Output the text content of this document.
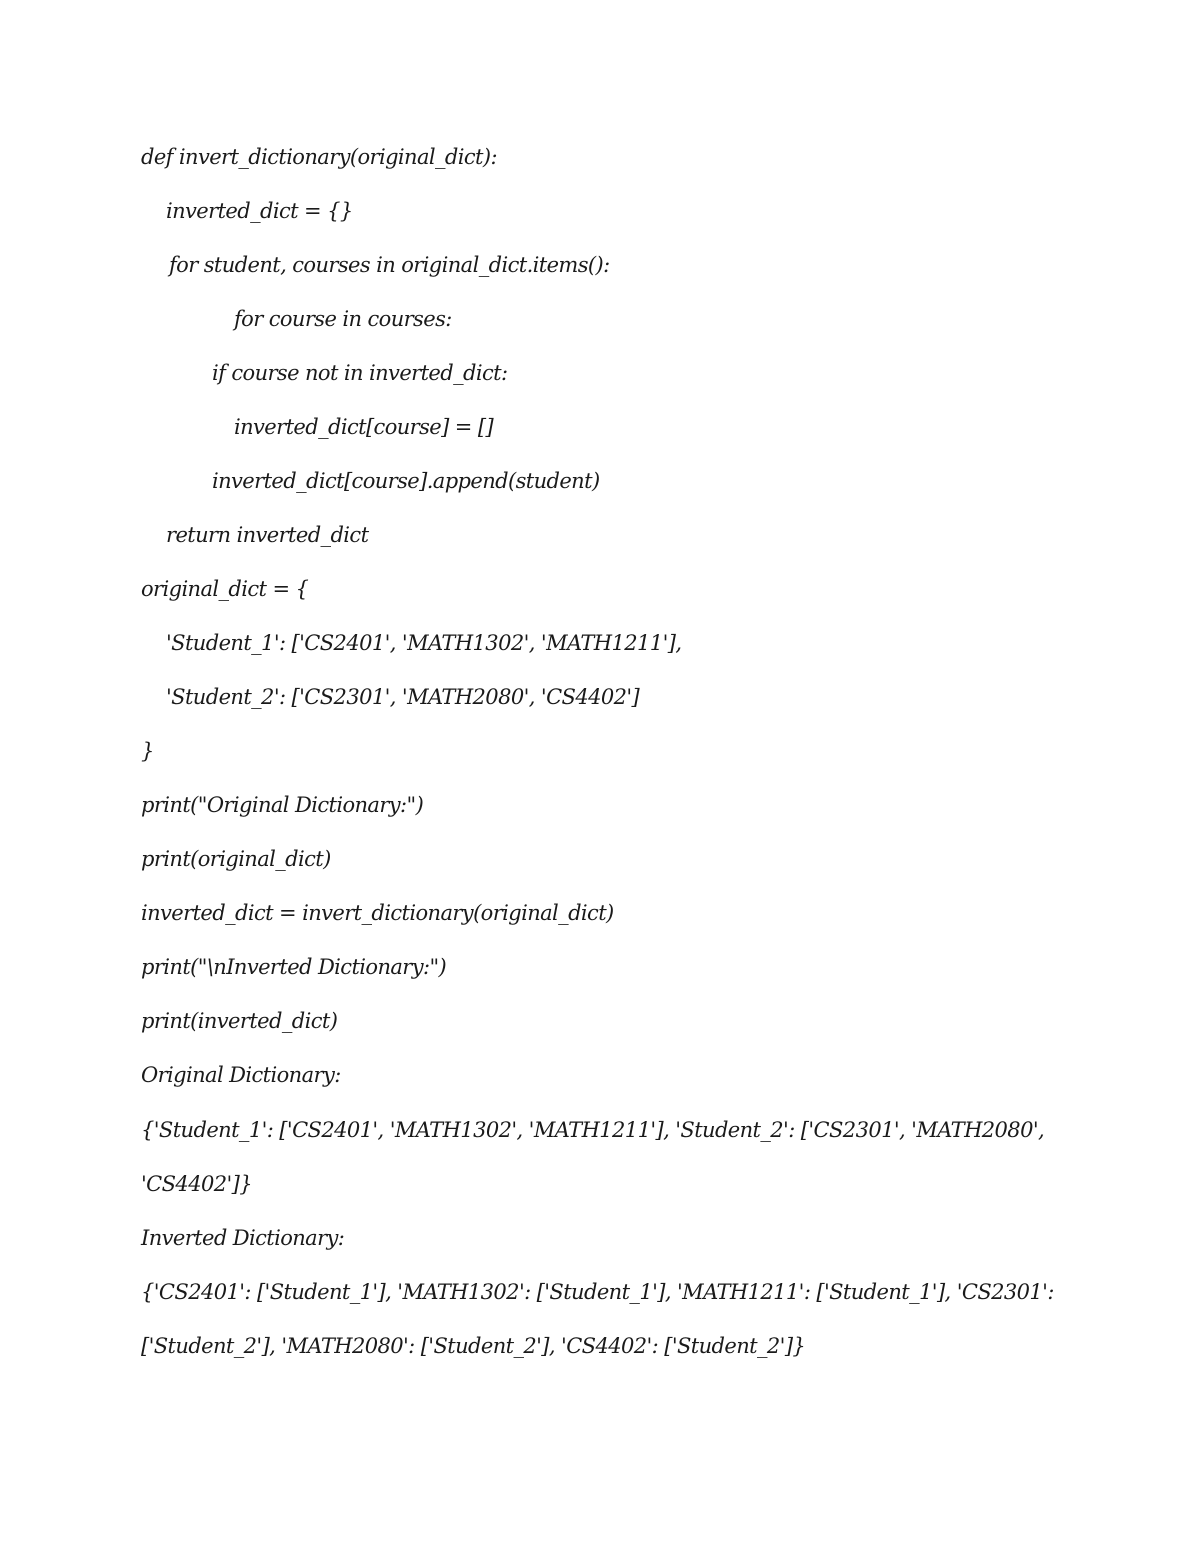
def invert_dictionary(original_dict):
inverted_dict = {}
for student, courses in original_dict.items():
for course in courses:
if course not in inverted_dict:
inverted_dict[course] = []
inverted_dict[course].append(student)
return inverted_dict
original_dict = {
'Student_1': ['CS2401', 'MATH1302', 'MATH1211'],
'Student_2': ['CS2301', 'MATH2080', 'CS4402']
}
print("Original Dictionary:")
print(original_dict)
inverted_dict = invert_dictionary(original_dict)
print("\nInverted Dictionary:")
print(inverted_dict)
Original Dictionary:
{'Student_1': ['CS2401', 'MATH1302', 'MATH1211'], 'Student_2': ['CS2301', 'MATH2080',
'CS4402']}
Inverted Dictionary:
{'CS2401': ['Student_1'], 'MATH1302': ['Student_1'], 'MATH1211': ['Student_1'], 'CS2301':
['Student_2'], 'MATH2080': ['Student_2'], 'CS4402': ['Student_2']}
